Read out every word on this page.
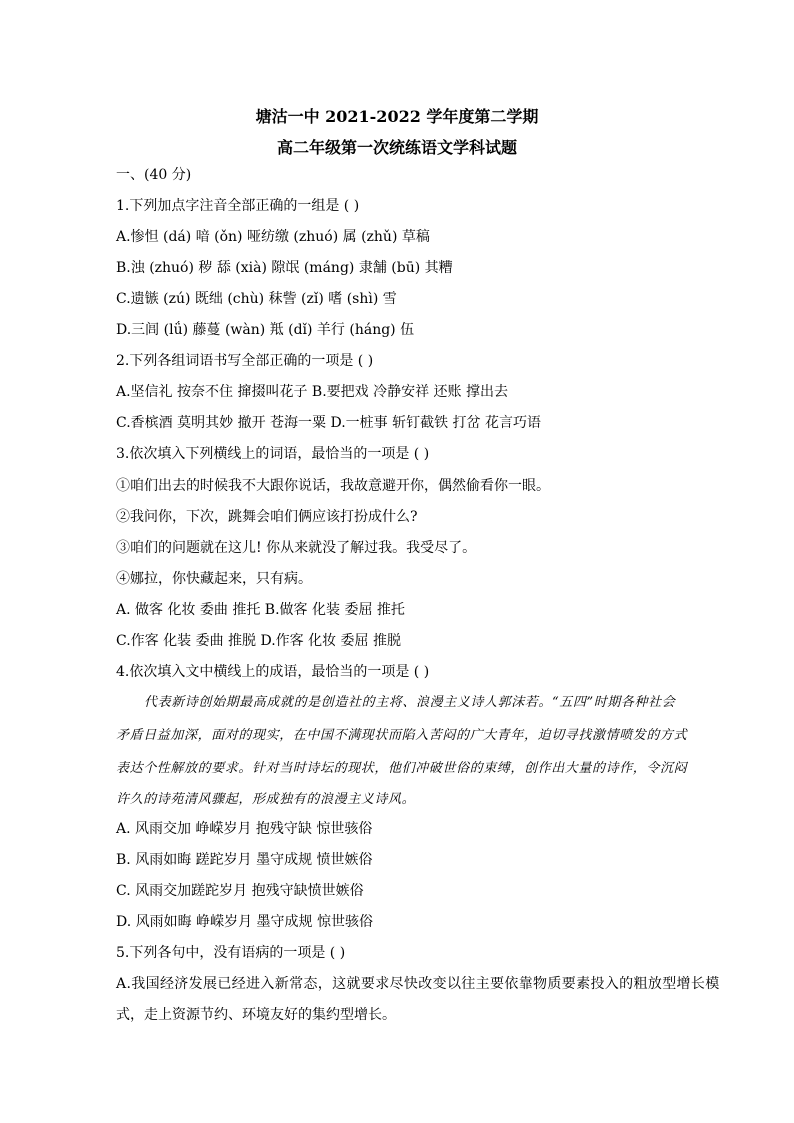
塘沽一中 2021-2022 学年度第二学期
高二年级第一次统练语文学科试题
一、(40 分)
1.下列加点字注音全部正确的一组是 ( )
A.惨怛 (dá) 喑 (ǒn) 哑纺缴 (zhuó) 属 (zhǔ) 草稿
B.浊 (zhuó) 秽 舔 (xià) 隙氓 (máng) 隶舗 (bū) 其糟
C.遗镞 (zú) 既绌 (chù) 秣訾 (zǐ) 嗜 (shì) 雪
D.三闾 (lǘ) 藤蔓 (wàn) 羝 (dǐ) 羊行 (háng) 伍
2.下列各组词语书写全部正确的一项是 ( )
A.坚信礼 按奈不住 撺掇叫花子 B.要把戏 冷静安祥 还账 撑出去
C.香槟酒 莫明其妙 撤开 苍海一粟 D.一桩事 斩钉截铁 打岔 花言巧语
3.依次填入下列横线上的词语，最恰当的一项是 ( )
①咱们出去的时候我不大跟你说话，我故意避开你，偶然偷看你一眼。
②我问你，下次，跳舞会咱们俩应该打扮成什么?
③咱们的问题就在这儿! 你从来就没了解过我。我受尽了。
④娜拉，你快藏起来，只有病。
A. 做客 化妆 委曲 推托 B.做客 化装 委屈 推托
C.作客 化装 委曲 推脱 D.作客 化妆 委屈 推脱
4.依次填入文中横线上的成语，最恰当的一项是 ( )
代表新诗创始期最高成就的是创造社的主将、浪漫主义诗人郭沫若。“五四”时期各种社会
矛盾日益加深，面对的现实，在中国不满现状而陷入苦闷的广大青年，迫切寻找激情喷发的方式
表达个性解放的要求。针对当时诗坛的现状，他们冲破世俗的束缚，创作出大量的诗作，令沉闷
许久的诗苑清风骤起，形成独有的浪漫主义诗风。
A. 风雨交加 峥嵘岁月 抱残守缺 惊世骇俗
B. 风雨如晦 蹉跎岁月 墨守成规 愤世嫉俗
C. 风雨交加蹉跎岁月 抱残守缺愤世嫉俗
D. 风雨如晦 峥嵘岁月 墨守成规 惊世骇俗
5.下列各句中，没有语病的一项是 ( )
A.我国经济发展已经进入新常态，这就要求尽快改变以往主要依靠物质要素投入的粗放型增长模
式，走上资源节约、环境友好的集约型增长。
